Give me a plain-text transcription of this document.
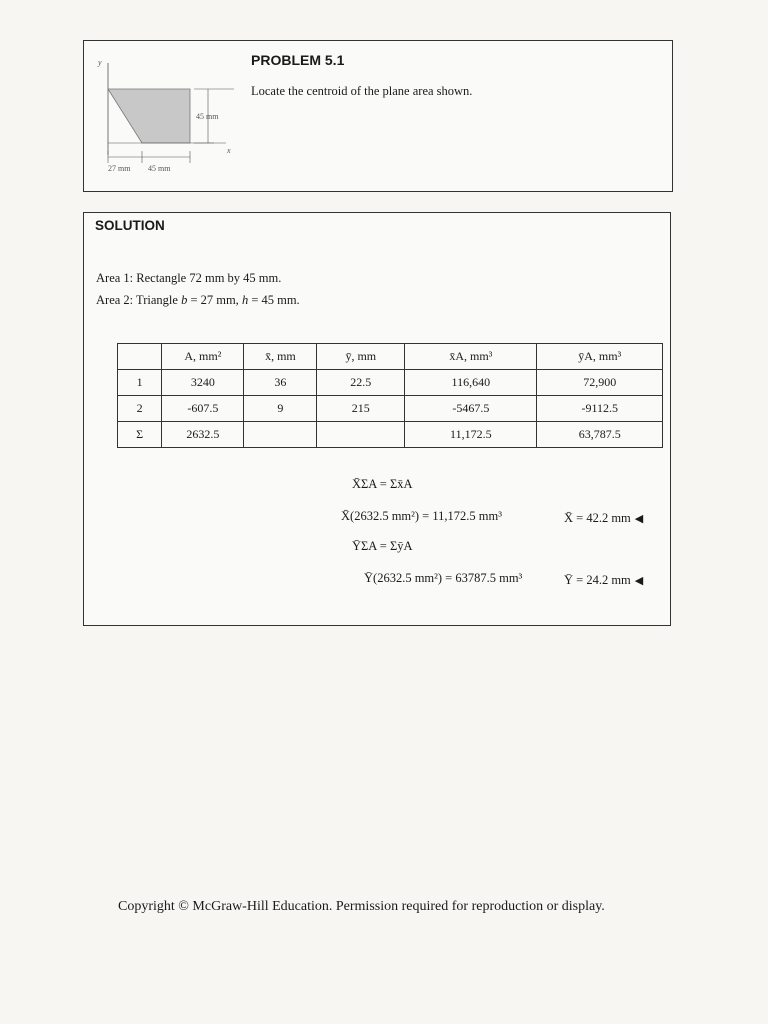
y
x
45 mm
27 mm 45 mm
PROBLEM 5.1
Locate the centroid of the plane area shown.
SOLUTION
Area 1: Rectangle 72 mm by 45 mm.
Area 2: Triangle b = 27 mm, h = 45 mm.
	A, mm²	x̄, mm	ȳ, mm	x̄A, mm³	ȳA, mm³
1	3240	36	22.5	116,640	72,900
2	-607.5	9	215	-5467.5	-9112.5
Σ	2632.5			11,172.5	63,787.5
X̄ΣA = Σx̄A
X̄(2632.5 mm²) = 11,172.5 mm³	X̄ = 42.2 mm ◀
ȲΣA = ΣȳA
Ȳ(2632.5 mm²) = 63787.5 mm³	Ȳ = 24.2 mm ◀
Copyright © McGraw-Hill Education. Permission required for reproduction or display.
